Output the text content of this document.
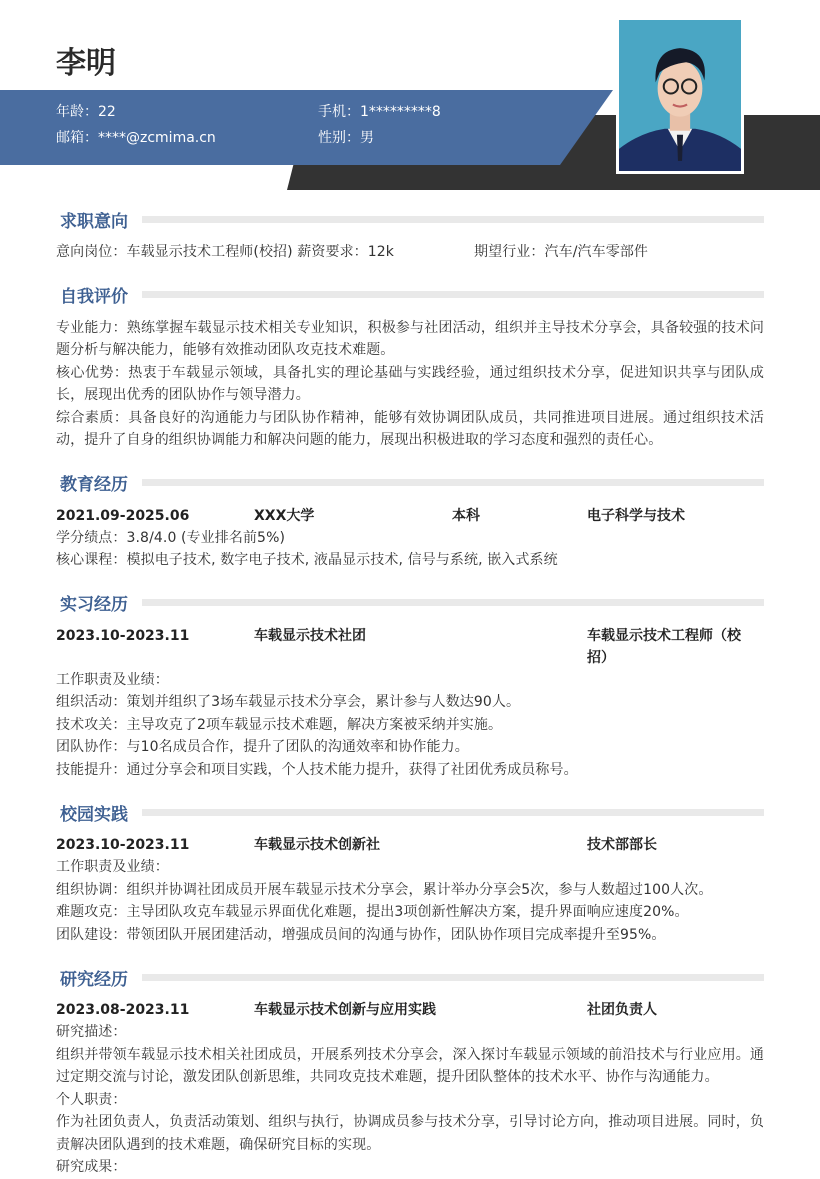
李明
年龄：22	手机：1*********8
邮箱：****@zcmima.cn	性别：男
求职意向
意向岗位：车载显示技术工程师(校招) 薪资要求：12k	期望行业：汽车/汽车零部件
自我评价
专业能力：熟练掌握车载显示技术相关专业知识，积极参与社团活动，组织并主导技术分享会，具备较强的技术问题分析与解决能力，能够有效推动团队攻克技术难题。
核心优势：热衷于车载显示领域，具备扎实的理论基础与实践经验，通过组织技术分享，促进知识共享与团队成长，展现出优秀的团队协作与领导潜力。
综合素质：具备良好的沟通能力与团队协作精神，能够有效协调团队成员，共同推进项目进展。通过组织技术活动，提升了自身的组织协调能力和解决问题的能力，展现出积极进取的学习态度和强烈的责任心。
教育经历
2021.09-2025.06	XXX大学	本科	电子科学与技术
学分绩点：3.8/4.0 (专业排名前5%)
核心课程：模拟电子技术, 数字电子技术, 液晶显示技术, 信号与系统, 嵌入式系统
实习经历
2023.10-2023.11	车载显示技术社团	车载显示技术工程师（校招）
工作职责及业绩：
组织活动：策划并组织了3场车载显示技术分享会，累计参与人数达90人。
技术攻关：主导攻克了2项车载显示技术难题，解决方案被采纳并实施。
团队协作：与10名成员合作，提升了团队的沟通效率和协作能力。
技能提升：通过分享会和项目实践，个人技术能力提升，获得了社团优秀成员称号。
校园实践
2023.10-2023.11	车载显示技术创新社	技术部部长
工作职责及业绩：
组织协调：组织并协调社团成员开展车载显示技术分享会，累计举办分享会5次，参与人数超过100人次。
难题攻克：主导团队攻克车载显示界面优化难题，提出3项创新性解决方案，提升界面响应速度20%。
团队建设：带领团队开展团建活动，增强成员间的沟通与协作，团队协作项目完成率提升至95%。
研究经历
2023.08-2023.11	车载显示技术创新与应用实践	社团负责人
研究描述：
组织并带领车载显示技术相关社团成员，开展系列技术分享会，深入探讨车载显示领域的前沿技术与行业应用。通过定期交流与讨论，激发团队创新思维，共同攻克技术难题，提升团队整体的技术水平、协作与沟通能力。
个人职责：
作为社团负责人，负责活动策划、组织与执行，协调成员参与技术分享，引导讨论方向，推动项目进展。同时，负责解决团队遇到的技术难题，确保研究目标的实现。
研究成果：
